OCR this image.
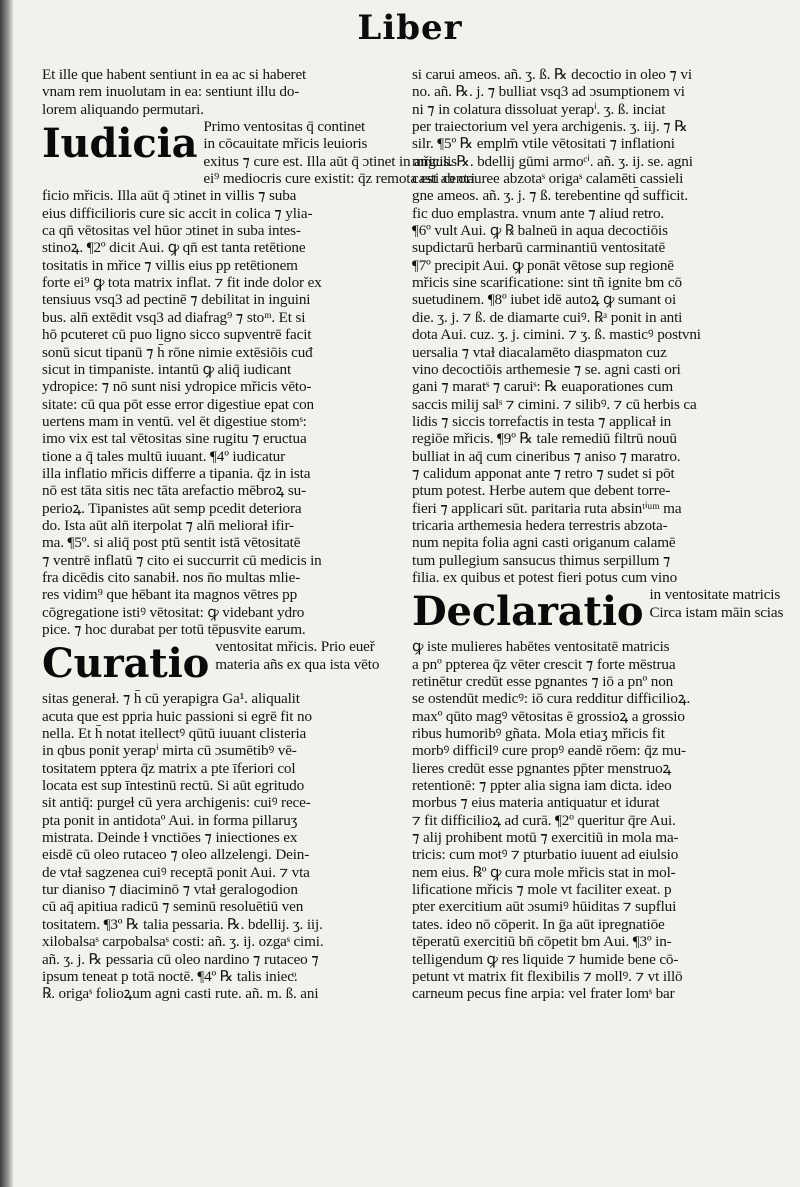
Liber
Et ille que habent sentiunt in ea ac si haberet
vnam rem inuolutam in ea: sentiunt illu do-
lorem aliquando permutari.
Iudicia Primo ventositas q̄ continet
in cōcauitate mřicis leuioris
exitus ⁊ cure est. Illa aūt q̄ ɔtinet in angulis
ei⁹ mediocris cure existit: q̄z remota est ab ori
ficio mřicis. Illa aūt q̄ ɔtinet in villis ⁊ suba
eius difficilioris cure sic accit in colica ⁊ ylia-
ca qn̄ vētositas vel hūor ɔtinet in suba intes-
stinoꝝ. ¶2º dicit Aui. ꝙ qn̄ est tanta retētione
tositatis in mřice ⁊ villis eius pp retētionem
forte ei⁹ ꝙ tota matrix inflat. ⁊ fit inde dolor ex
tensiuus vsq3 ad pectinē ⁊ debilitat in inguini
bus. aln̄ extēdit vsq3 ad diafrag⁹ ⁊ stoᵐ. Et si
hō pcuteret cū puo ligno sicco supventrē facit
sonū sicut tipanū ⁊ h̄ rōne nimie extēsiōis cuđ
sicut in timpaniste. intantū ꝙ aliq̄ iudicant
ydropice: ⁊ nō sunt nisi ydropice mřicis vēto-
sitate: cū qua pōt esse error digestiue epat con
uertens mam in ventū. vel ēt digestiue stomˢ:
imo vix est tal vētositas sine rugitu ⁊ eructua
tione a q̄ tales multū iuuant. ¶4º iudicatur
illa inflatio mřicis differre a tipania. q̄z in ista
nō est tāta sitis nec tāta arefactio mēbroꝝ su-
perioꝝ. Tipanistes aūt semp pcedit deteriora
do. Ista aūt aln̄ iterpolat ⁊ aln̄ melioraɫ ifir-
ma. ¶5º. si aliq̄ post ptū sentit istā vētositatē
⁊ ventrē inflatū ⁊ cito ei succurrit cū medicis in
fra dicēdis cito sanabiɫ. nos n̄o multas mlie-
res vidim⁹ que hēbant ita magnos vētres pp
cōgregatione istiꝰ vētositat: ꝙ videbant ydro
pice. ⁊ hoc durabat per totū tēpusvite earum.
Curatio ventositat mřicis. Prio eueř
materia añs ex qua ista vēto
sitas generaɫ. ⁊ h̄ cū yerapigra Ga¹. aliqualit
acuta que est ppria huic passioni si egrē fit no
nella. Et h̄ notat itellectꝰ qūtū iuuant clisteria
in qbus ponit yerapⁱ mirta cū ɔsumētibꝰ vē-
tositatem pptera q̄z matrix a pte īferiori col
locata est sup īntestinū rectū. Si aūt egritudo
sit antiq̄: purgeɫ cū yera archigenis: cuiꝰ rece-
pta ponit in antidotaº Aui. in forma pillaruʒ
mistrata. Deinde ɫ vnctiōes ⁊ iniectiones ex
eisdē cū oleo rutaceo ⁊ oleo allzelengi. Dein-
de vtaɫ sagzenea cuiꝰ receptā ponit Aui. ⁊ vta
tur dianiso ⁊ diaciminō ⁊ vtaɫ geralogodion
cū aq̄ apitiua radicū ⁊ seminū resoluētiū ven
tositatem. ¶3º ℞ talia pessaria. ℞. bdellij. ʒ. iij.
xilobalsaˢ carpobalsaˢ costi: añ. ʒ. ij. ozgaˢ cimi.
añ. ʒ. j. ℞ pessaria cū oleo nardino ⁊ rutaceo ⁊
ipsum teneat p totā noctē. ¶4º ℞ talis iniecͦ.
℞. origaˢ folioꝝum agni casti rute. añ. m. ß. ani
si carui ameos. añ. ʒ. ß. ℞ decoctio in oleo ⁊ vi
no. añ. ℞. j. ⁊ bulliat vsq3 ad ɔsumptionem vi
ni ⁊ in colatura dissoluat yerapⁱ. ʒ. ß. inciat
per traiectorium vel yera archigenis. ʒ. iij. ⁊ ℞
silr. ¶5º ℞ emplm̄ vtile vētositati ⁊ inflationi
mřicis. ℞. bdellij gūmi armoᶜⁱ. añ. ʒ. ij. se. agni
casti centauree abzotaˢ origaˢ calamēti cassieli
gne ameos. añ. ʒ. j. ⁊ ß. terebentine qd̄ sufficit.
fic duo emplastra. vnum ante ⁊ aliud retro.
¶6º vult Aui. ꝙ ℞ balneū in aqua decoctiōis
supdictarū herbarū carminantiū ventositatē
¶7º precipit Aui. ꝙ ponāt vētose sup regionē
mřicis sine scarificatione: sint tñ ignite bm cō
suetudinem. ¶8º iubet idē autoꝝ ꝙ sumant oi
die. ʒ. j. ⁊ ß. de diamarte cuiꝰ. ℞ᵃ ponit in anti
dota Aui. cuz. ʒ. j. cimini. ⁊ ʒ. ß. masticꝰ postvni
uersalia ⁊ vtaɫ diacalamēto diaspmaton cuz
vino decoctiōis arthemesie ⁊ se. agni casti ori
gani ⁊ maratˢ ⁊ caruiˢ: ℞ euaporationes cum
saccis milij salˢ ⁊ cimini. ⁊ silibꝰ. ⁊ cū herbis ca
lidis ⁊ siccis torrefactis in testa ⁊ applicaɫ in
regiōe mřicis. ¶9º ℞ tale remediū filtrū nouū
bulliat in aq̄ cum cineribus ⁊ aniso ⁊ maratro.
⁊ calidum apponat ante ⁊ retro ⁊ sudet si pōt
ptum potest. Herbe autem que debent torre-
fieri ⁊ applicari sūt. paritaria ruta absinᵗⁱᵘᵐ ma
tricaria arthemesia hedera terrestris abzota-
num nepita folia agni casti origanum calamē
tum pullegium sansucus thimus serpillum ⁊
filia. ex quibus et potest fieri potus cum vino
Declaratio in ventositate matricis
Circa istam māin scias
ꝙ iste mulieres habētes ventositatē matricis
a pnº ppterea q̄z vēter crescit ⁊ forte mēstrua
retinētur credūt esse pgnantes ⁊ iō a pnº non
se ostendūt medicꝰ: iō cura redditur difficilioꝝ.
maxº qūto magꝰ vētositas ē grossioꝝ a grossio
ribus humoribꝰ gñata. Mola etiaʒ mřicis fit
morbꝰ difficilꝰ cure propꝰ eandē rōem: q̄z mu-
lieres credūt esse pgnantes pp̄ter menstruoꝝ
retentionē: ⁊ ppter alia signa iam dicta. ideo
morbus ⁊ eius materia antiquatur et idurat
⁊ fit difficilioꝝ ad curā. ¶2º queritur q̄re Aui.
⁊ alij prohibent motū ⁊ exercitiū in mola ma-
tricis: cum motꝰ ⁊ pturbatio iuuent ad eiulsio
nem eius. ℞º ꝙ cura mole mřicis stat in mol-
lificatione mřicis ⁊ mole vt faciliter exeat. p
pter exercitium aūt ɔsumiꝰ hūiditas ⁊ supflui
tates. ideo nō cōperit. In ḡa aūt ipregnatiōe
tēperatū exercitiū bn̄ cōpetit bm Aui. ¶3º in-
telligendum ꝙ res liquide ⁊ humide bene cō-
petunt vt matrix fit flexibilis ⁊ mollꝰ. ⁊ vt illō
carneum pecus fine arpia: vel frater lomˢ bar
